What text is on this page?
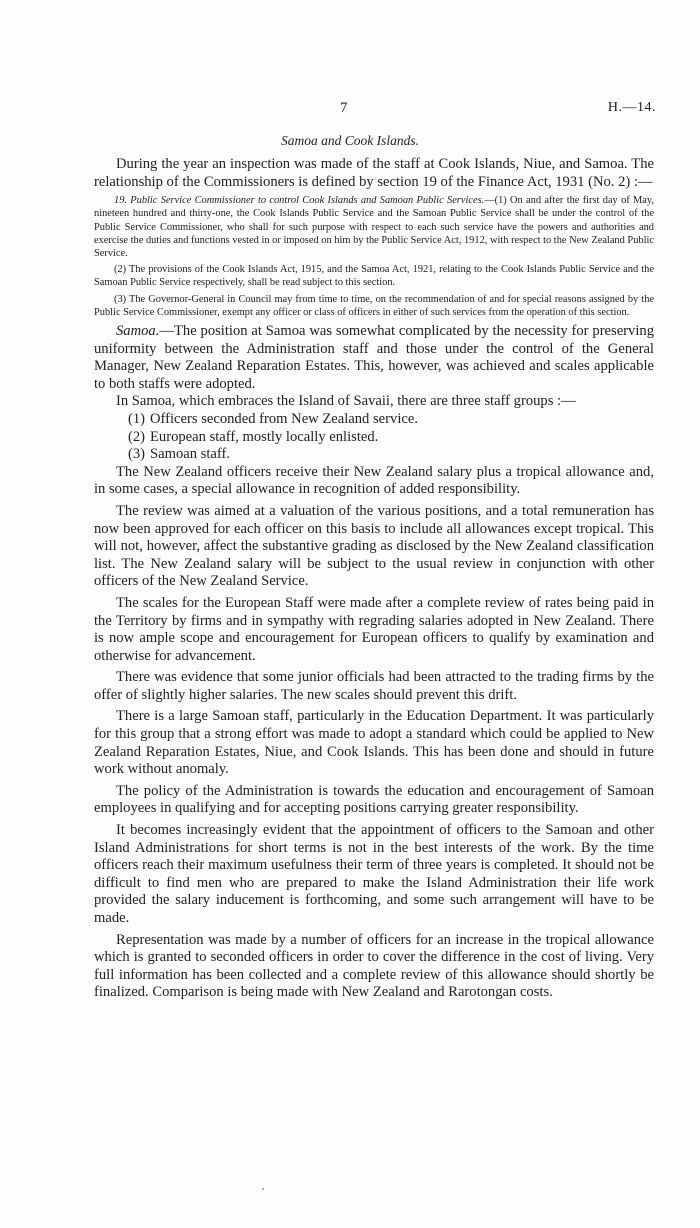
7	H.—14.
Samoa and Cook Islands.

During the year an inspection was made of the staff at Cook Islands, Niue, and Samoa. The relationship of the Commissioners is defined by section 19 of the Finance Act, 1931 (No. 2) :—

19. Public Service Commissioner to control Cook Islands and Samoan Public Services.—(1) On and after the first day of May, nineteen hundred and thirty-one, the Cook Islands Public Service and the Samoan Public Service shall be under the control of the Public Service Commissioner, who shall for such purpose with respect to each such service have the powers and authorities and exercise the duties and functions vested in or imposed on him by the Public Service Act, 1912, with respect to the New Zealand Public Service.

(2) The provisions of the Cook Islands Act, 1915, and the Samoa Act, 1921, relating to the Cook Islands Public Service and the Samoan Public Service respectively, shall be read subject to this section.

(3) The Governor-General in Council may from time to time, on the recommendation of and for special reasons assigned by the Public Service Commissioner, exempt any officer or class of officers in either of such services from the operation of this section.

Samoa.—The position at Samoa was somewhat complicated by the necessity for preserving uniformity between the Administration staff and those under the control of the General Manager, New Zealand Reparation Estates. This, however, was achieved and scales applicable to both staffs were adopted.

In Samoa, which embraces the Island of Savaii, there are three staff groups :—

(1) Officers seconded from New Zealand service.
(2) European staff, mostly locally enlisted.
(3) Samoan staff.

The New Zealand officers receive their New Zealand salary plus a tropical allowance and, in some cases, a special allowance in recognition of added responsibility.

The review was aimed at a valuation of the various positions, and a total remuneration has now been approved for each officer on this basis to include all allowances except tropical. This will not, however, affect the substantive grading as disclosed by the New Zealand classification list. The New Zealand salary will be subject to the usual review in conjunction with other officers of the New Zealand Service.

The scales for the European Staff were made after a complete review of rates being paid in the Territory by firms and in sympathy with regrading salaries adopted in New Zealand. There is now ample scope and encouragement for European officers to qualify by examination and otherwise for advancement.

There was evidence that some junior officials had been attracted to the trading firms by the offer of slightly higher salaries. The new scales should prevent this drift.

There is a large Samoan staff, particularly in the Education Department. It was particularly for this group that a strong effort was made to adopt a standard which could be applied to New Zealand Reparation Estates, Niue, and Cook Islands. This has been done and should in future work without anomaly.

The policy of the Administration is towards the education and encouragement of Samoan employees in qualifying and for accepting positions carrying greater responsibility.

It becomes increasingly evident that the appointment of officers to the Samoan and other Island Administrations for short terms is not in the best interests of the work. By the time officers reach their maximum usefulness their term of three years is completed. It should not be difficult to find men who are prepared to make the Island Administration their life work provided the salary inducement is forthcoming, and some such arrangement will have to be made.

Representation was made by a number of officers for an increase in the tropical allowance which is granted to seconded officers in order to cover the difference in the cost of living. Very full information has been collected and a complete review of this allowance should shortly be finalized. Comparison is being made with New Zealand and Rarotongan costs.
